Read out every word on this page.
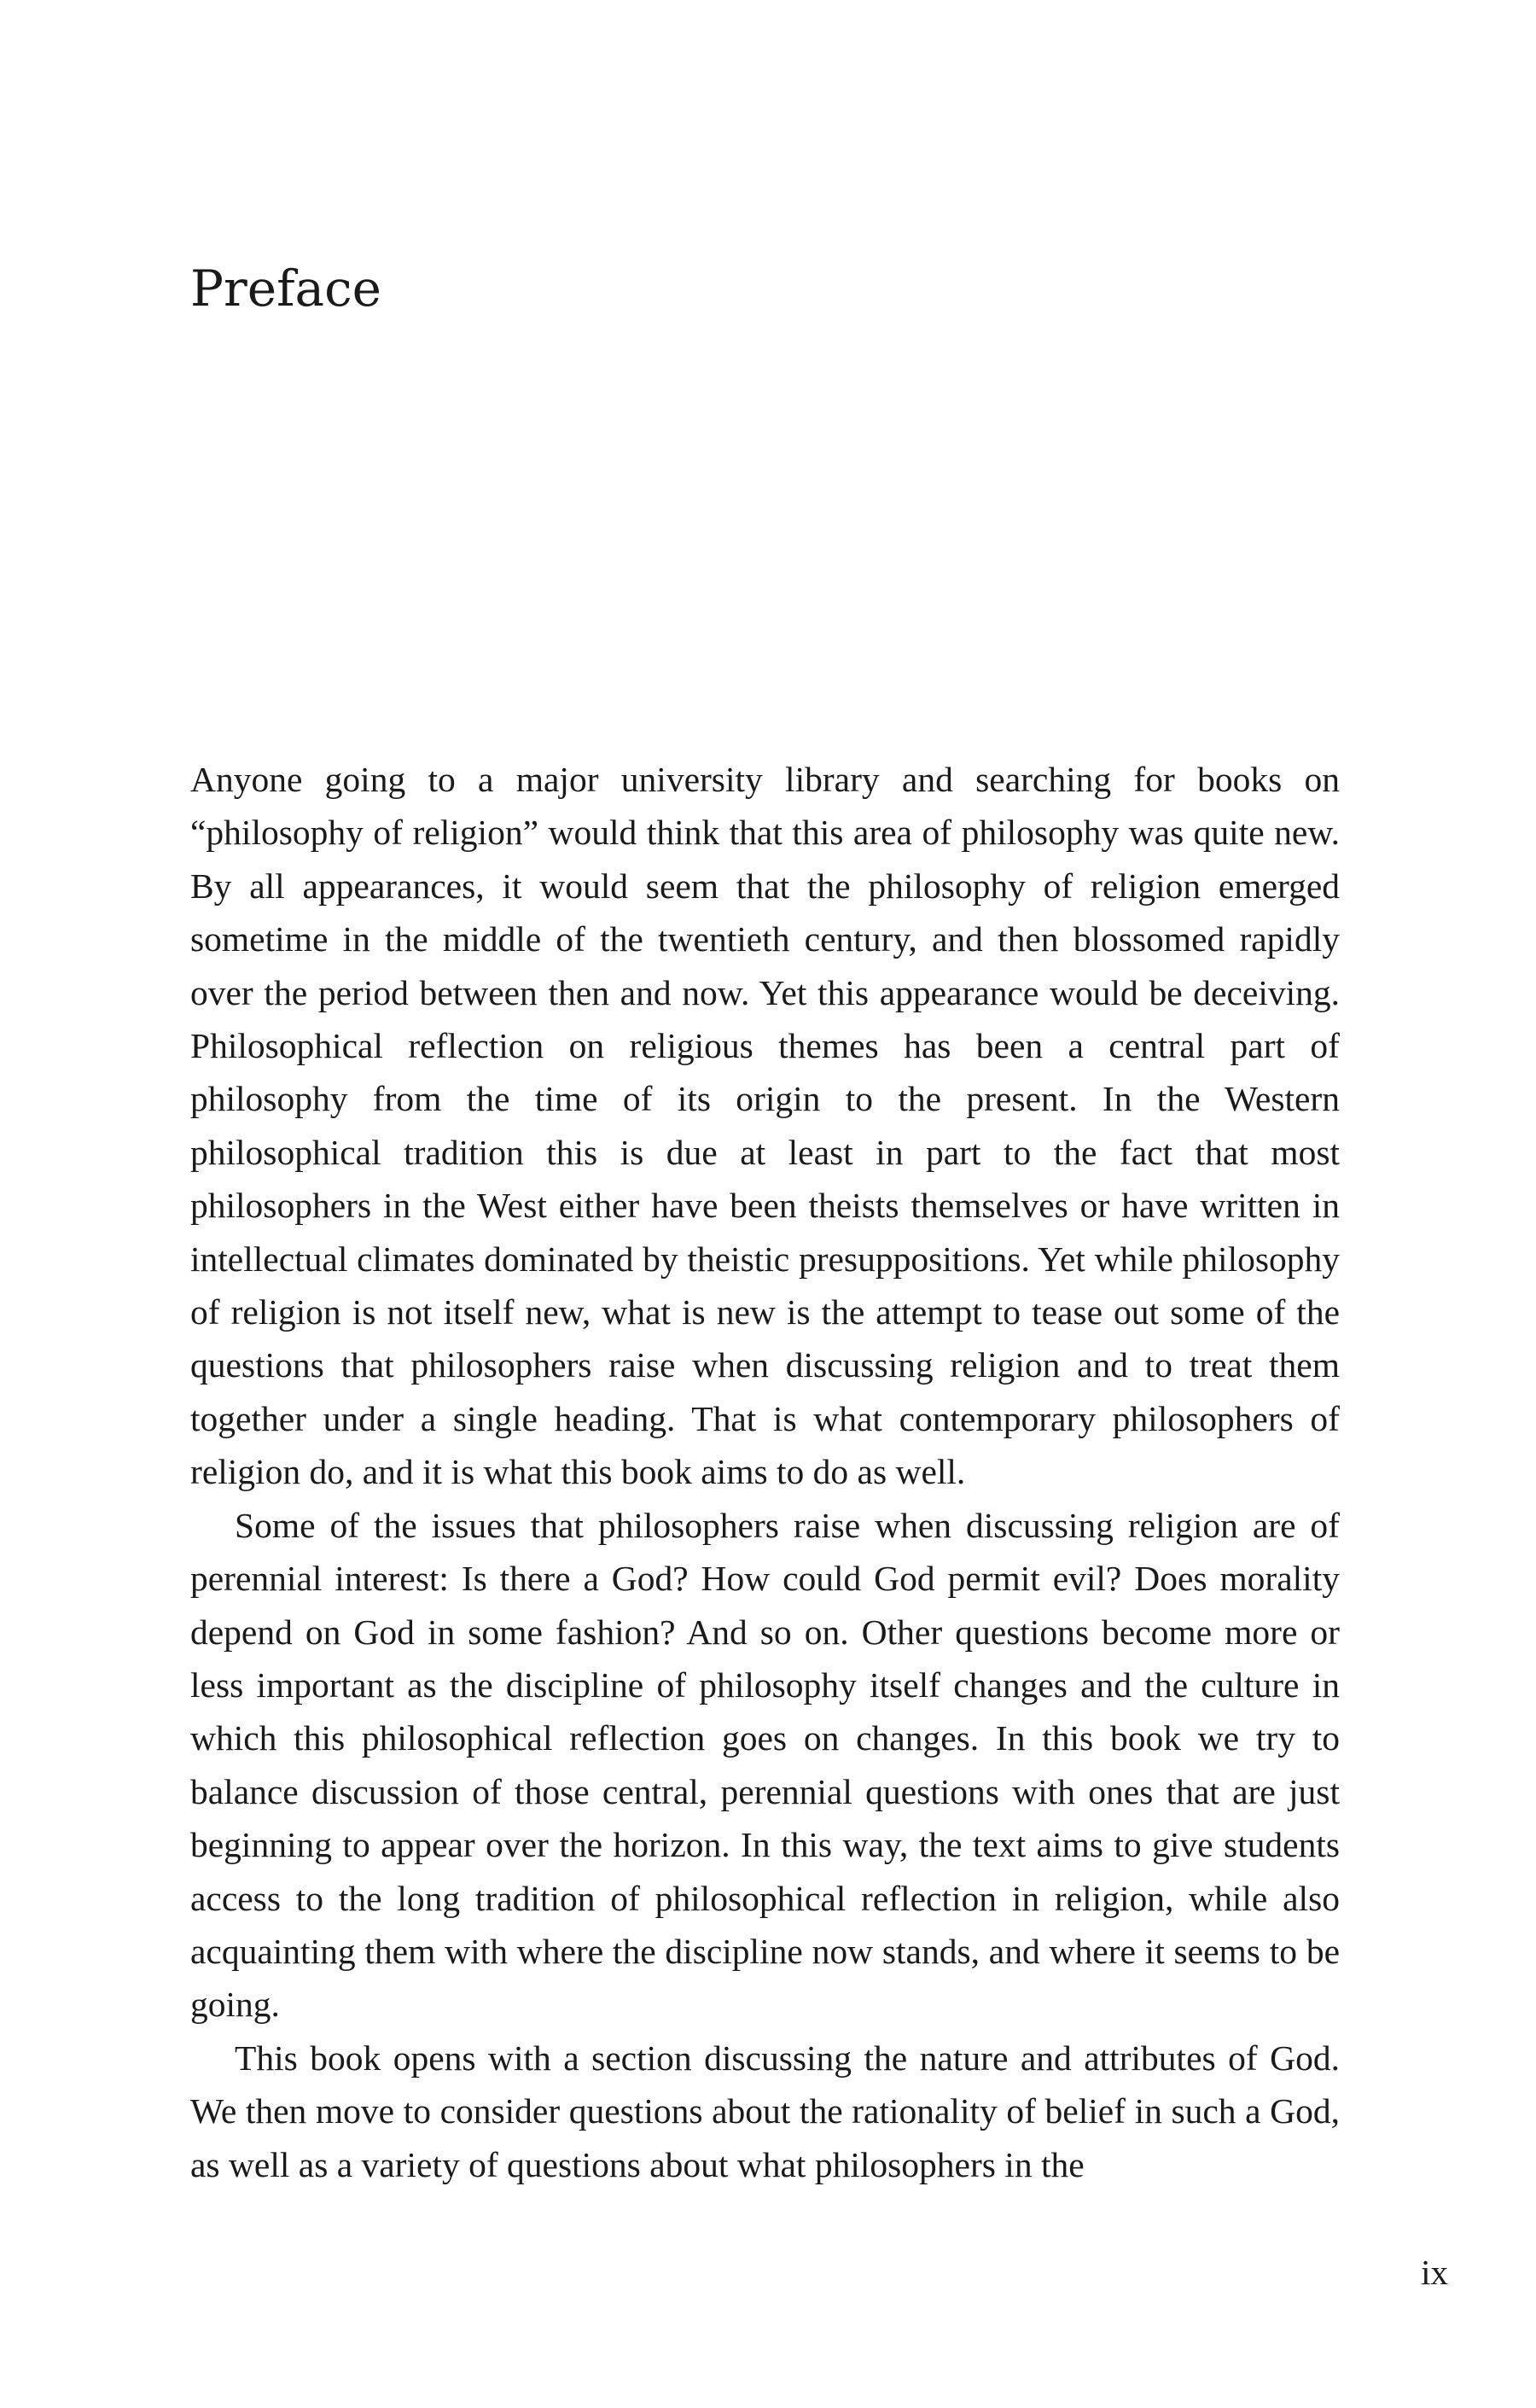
Preface

Anyone going to a major university library and searching for books on “philosophy of religion” would think that this area of philosophy was quite new. By all appearances, it would seem that the philosophy of religion emerged sometime in the middle of the twentieth century, and then blossomed rapidly over the period between then and now. Yet this appearance would be deceiving. Philosophical reflection on religious themes has been a central part of philosophy from the time of its origin to the present. In the Western philosophical tradition this is due at least in part to the fact that most philosophers in the West either have been theists themselves or have written in intellectual climates dominated by theistic presuppositions. Yet while philosophy of religion is not itself new, what is new is the attempt to tease out some of the questions that philosophers raise when discussing religion and to treat them together under a single heading. That is what contemporary philosophers of religion do, and it is what this book aims to do as well.

Some of the issues that philosophers raise when discussing religion are of perennial interest: Is there a God? How could God permit evil? Does morality depend on God in some fashion? And so on. Other questions become more or less important as the discipline of philosophy itself changes and the culture in which this philosophical reflection goes on changes. In this book we try to balance discussion of those central, perennial questions with ones that are just beginning to appear over the horizon. In this way, the text aims to give students access to the long tradition of philosophical reflection in religion, while also acquainting them with where the discipline now stands, and where it seems to be going.

This book opens with a section discussing the nature and attributes of God. We then move to consider questions about the rationality of belief in such a God, as well as a variety of questions about what philosophers in the

ix
